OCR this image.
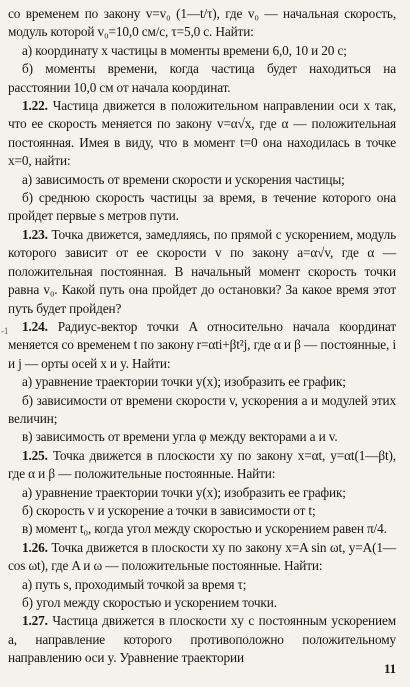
со временем по закону v=v₀ (1—t/τ), где v₀ — начальная скорость, модуль которой v₀=10,0 см/с, τ=5,0 с. Найти:

а) координату x частицы в моменты времени 6,0, 10 и 20 с;

б) моменты времени, когда частица будет находиться на расстоянии 10,0 см от начала координат.

1.22. Частица движется в положительном направлении оси x так, что ее скорость меняется по закону v=α√x, где α — положительная постоянная. Имея в виду, что в момент t=0 она находилась в точке x=0, найти:

а) зависимость от времени скорости и ускорения частицы;

б) среднюю скорость частицы за время, в течение которого она пройдет первые s метров пути.

1.23. Точка движется, замедляясь, по прямой с ускорением, модуль которого зависит от ее скорости v по закону a=α√v, где α — положительная постоянная. В начальный момент скорость точки равна v₀. Какой путь она пройдет до остановки? За какое время этот путь будет пройден?

1.24. Радиус-вектор точки A относительно начала координат меняется со временем t по закону r=αti+βt²j, где α и β — постоянные, i и j — орты осей x и y. Найти:

а) уравнение траектории точки y(x); изобразить ее график;

б) зависимости от времени скорости v, ускорения a и модулей этих величин;

в) зависимость от времени угла φ между векторами a и v.

1.25. Точка движется в плоскости xy по закону x=αt, y=αt(1—βt), где α и β — положительные постоянные. Найти:

а) уравнение траектории точки y(x); изобразить ее график;

б) скорость v и ускорение a точки в зависимости от t;

в) момент t₀, когда угол между скоростью и ускорением равен π/4.

1.26. Точка движется в плоскости xy по закону x=A sin ωt, y=A(1—cos ωt), где A и ω — положительные постоянные. Найти:

а) путь s, проходимый точкой за время τ;

б) угол между скоростью и ускорением точки.

1.27. Частица движется в плоскости xy с постоянным ускорением a, направление которого противоположно положительному направлению оси y. Уравнение траектории

-1
11
